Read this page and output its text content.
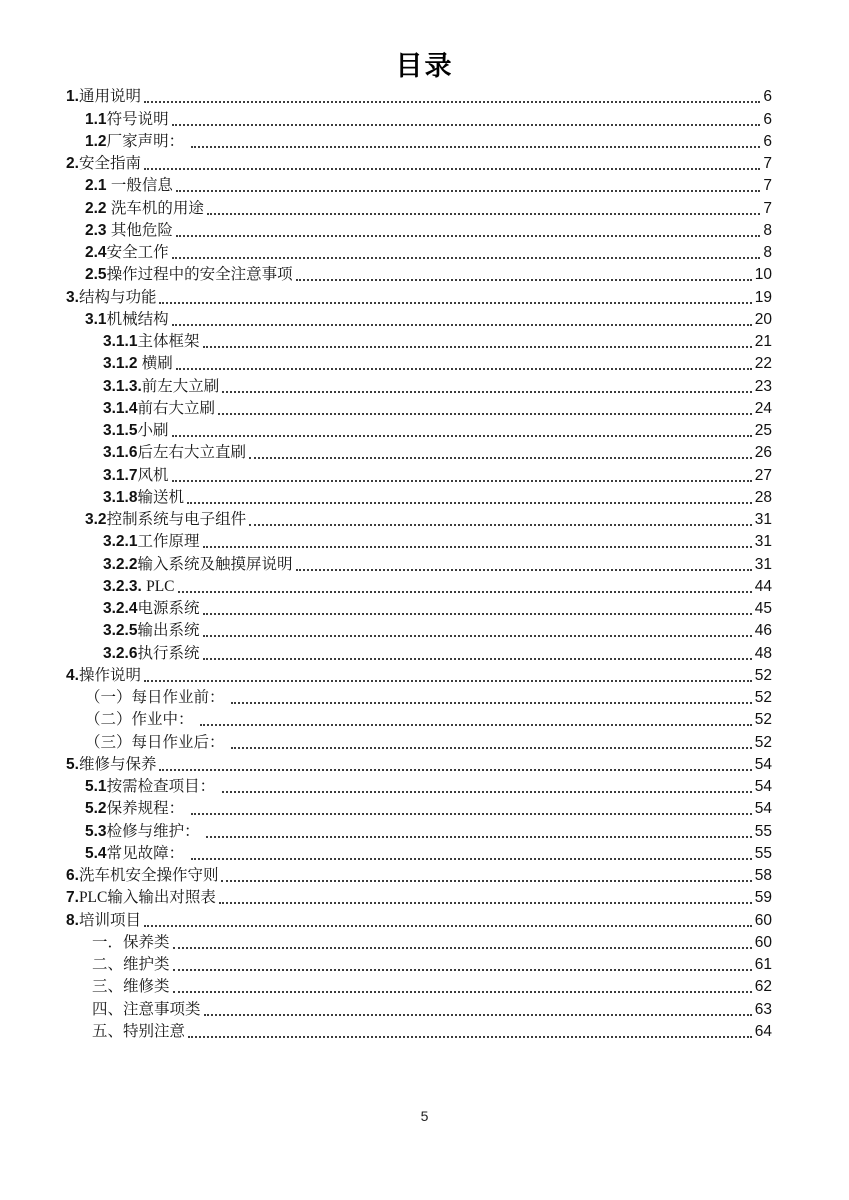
目录
1. 通用说明	6
1.1 符号说明	6
1.2 厂家声明：	6
2. 安全指南	7
2.1 一般信息	7
2.2 洗车机的用途	7
2.3 其他危险	8
2.4 安全工作	8
2.5 操作过程中的安全注意事项	10
3. 结构与功能	19
3.1 机械结构	20
3.1.1 主体框架	21
3.1.2 横刷	22
3.1.3. 前左大立刷	23
3.1.4 前右大立刷	24
3.1.5 小刷	25
3.1.6 后左右大立直刷	26
3.1.7 风机	27
3.1.8 输送机	28
3.2 控制系统与电子组件	31
3.2.1 工作原理	31
3.2.2 输入系统及触摸屏说明	31
3.2.3. PLC	44
3.2.4 电源系统	45
3.2.5 输出系统	46
3.2.6 执行系统	48
4. 操作说明	52
（一）每日作业前：	52
（二）作业中：	52
（三）每日作业后：	52
5. 维修与保养	54
5.1 按需检查项目：	54
5.2 保养规程：	54
5.3 检修与维护：	55
5.4 常见故障：	55
6. 洗车机安全操作守则	58
7. PLC输入输出对照表	59
8. 培训项目	60
一．保养类	60
二、维护类	61
三、维修类	62
四、注意事项类	63
五、特别注意	64
5
